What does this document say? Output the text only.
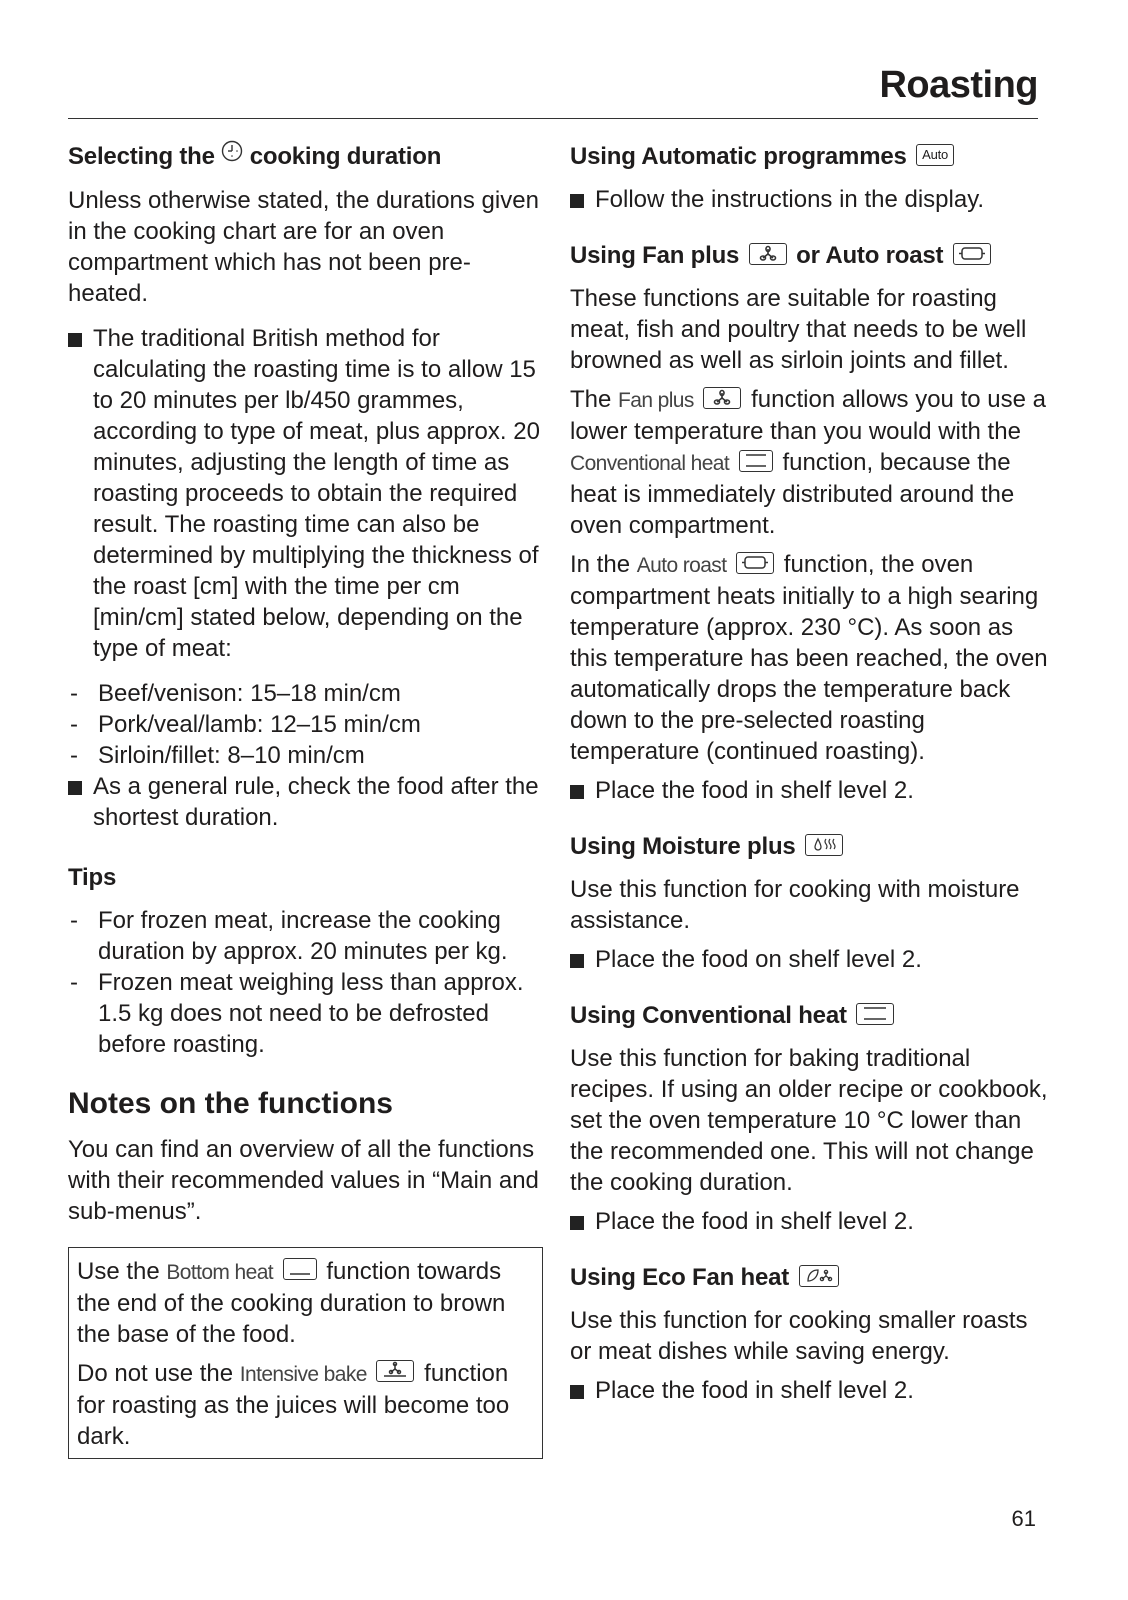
Roasting
Selecting the cooking duration

Unless otherwise stated, the durations given in the cooking chart are for an oven compartment which has not been pre-heated.

The traditional British method for calculating the roasting time is to allow 15 to 20 minutes per lb/450 grammes, according to type of meat, plus approx. 20 minutes, adjusting the length of time as roasting proceeds to obtain the required result. The roasting time can also be determined by multiplying the thickness of the roast [cm] with the time per cm [min/cm] stated below, depending on the type of meat:
- Beef/venison: 15–18 min/cm
- Pork/veal/lamb: 12–15 min/cm
- Sirloin/fillet: 8–10 min/cm
As a general rule, check the food after the shortest duration.
Tips
- For frozen meat, increase the cooking duration by approx. 20 minutes per kg.
- Frozen meat weighing less than approx. 1.5 kg does not need to be defrosted before roasting.
Notes on the functions

You can find an overview of all the functions with their recommended values in “Main and sub-menus”.

Use the Bottom heat function towards the end of the cooking duration to brown the base of the food.

Do not use the Intensive bake function for roasting as the juices will become too dark.

Using Automatic programmes Auto
Follow the instructions in the display.
Using Fan plus or Auto roast

These functions are suitable for roasting meat, fish and poultry that needs to be well browned as well as sirloin joints and fillet.

The Fan plus function allows you to use a lower temperature than you would with the Conventional heat function, because the heat is immediately distributed around the oven compartment.

In the Auto roast function, the oven compartment heats initially to a high searing temperature (approx. 230 °C). As soon as this temperature has been reached, the oven automatically drops the temperature back down to the pre-selected roasting temperature (continued roasting).

Place the food in shelf level 2.
Using Moisture plus

Use this function for cooking with moisture assistance.

Place the food on shelf level 2.
Using Conventional heat

Use this function for baking traditional recipes. If using an older recipe or cookbook, set the oven temperature 10 °C lower than the recommended one. This will not change the cooking duration.

Place the food in shelf level 2.
Using Eco Fan heat

Use this function for cooking smaller roasts or meat dishes while saving energy.

Place the food in shelf level 2.
61
